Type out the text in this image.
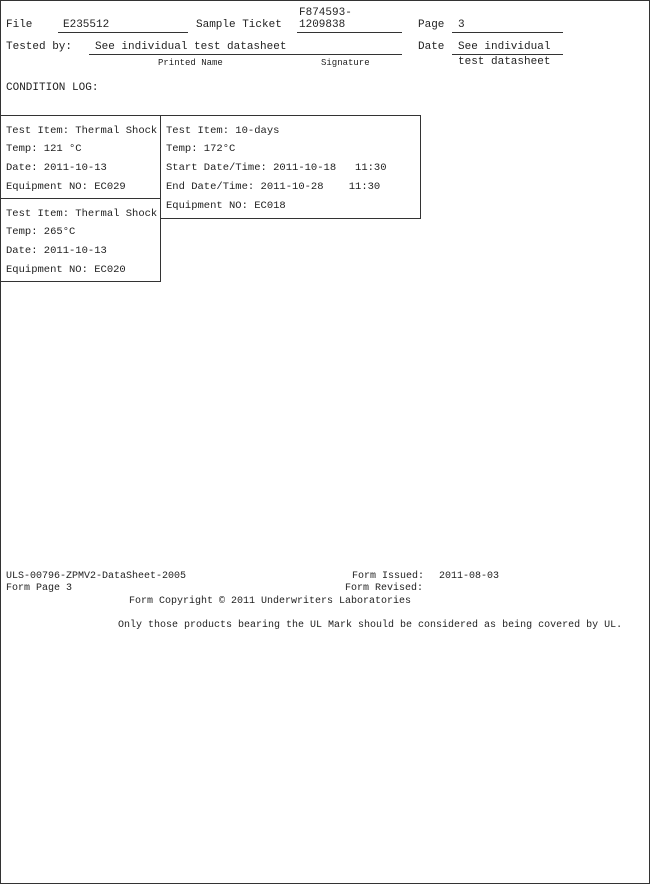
File	E235512	Sample Ticket
F874593-
1209838	Page 3
Tested by: See individual test datasheet
Printed Name	Signature
Date See individual
test datasheet
CONDITION LOG:
Test Item: Thermal Shock
Temp: 121 °C
Date: 2011-10-13
Equipment NO: EC029
Test Item: Thermal Shock
Temp: 265°C
Date: 2011-10-13
Equipment NO: EC020
Test Item: 10-days
Temp: 172°C
Start Date/Time: 2011-10-18   11:30
End Date/Time: 2011-10-28    11:30
Equipment NO: EC018
ULS-00796-ZPMV2-DataSheet-2005
Form Page 3
Form Issued: 2011-08-03
Form Revised:
Form Copyright © 2011 Underwriters Laboratories
Only those products bearing the UL Mark should be considered as being covered by UL.
